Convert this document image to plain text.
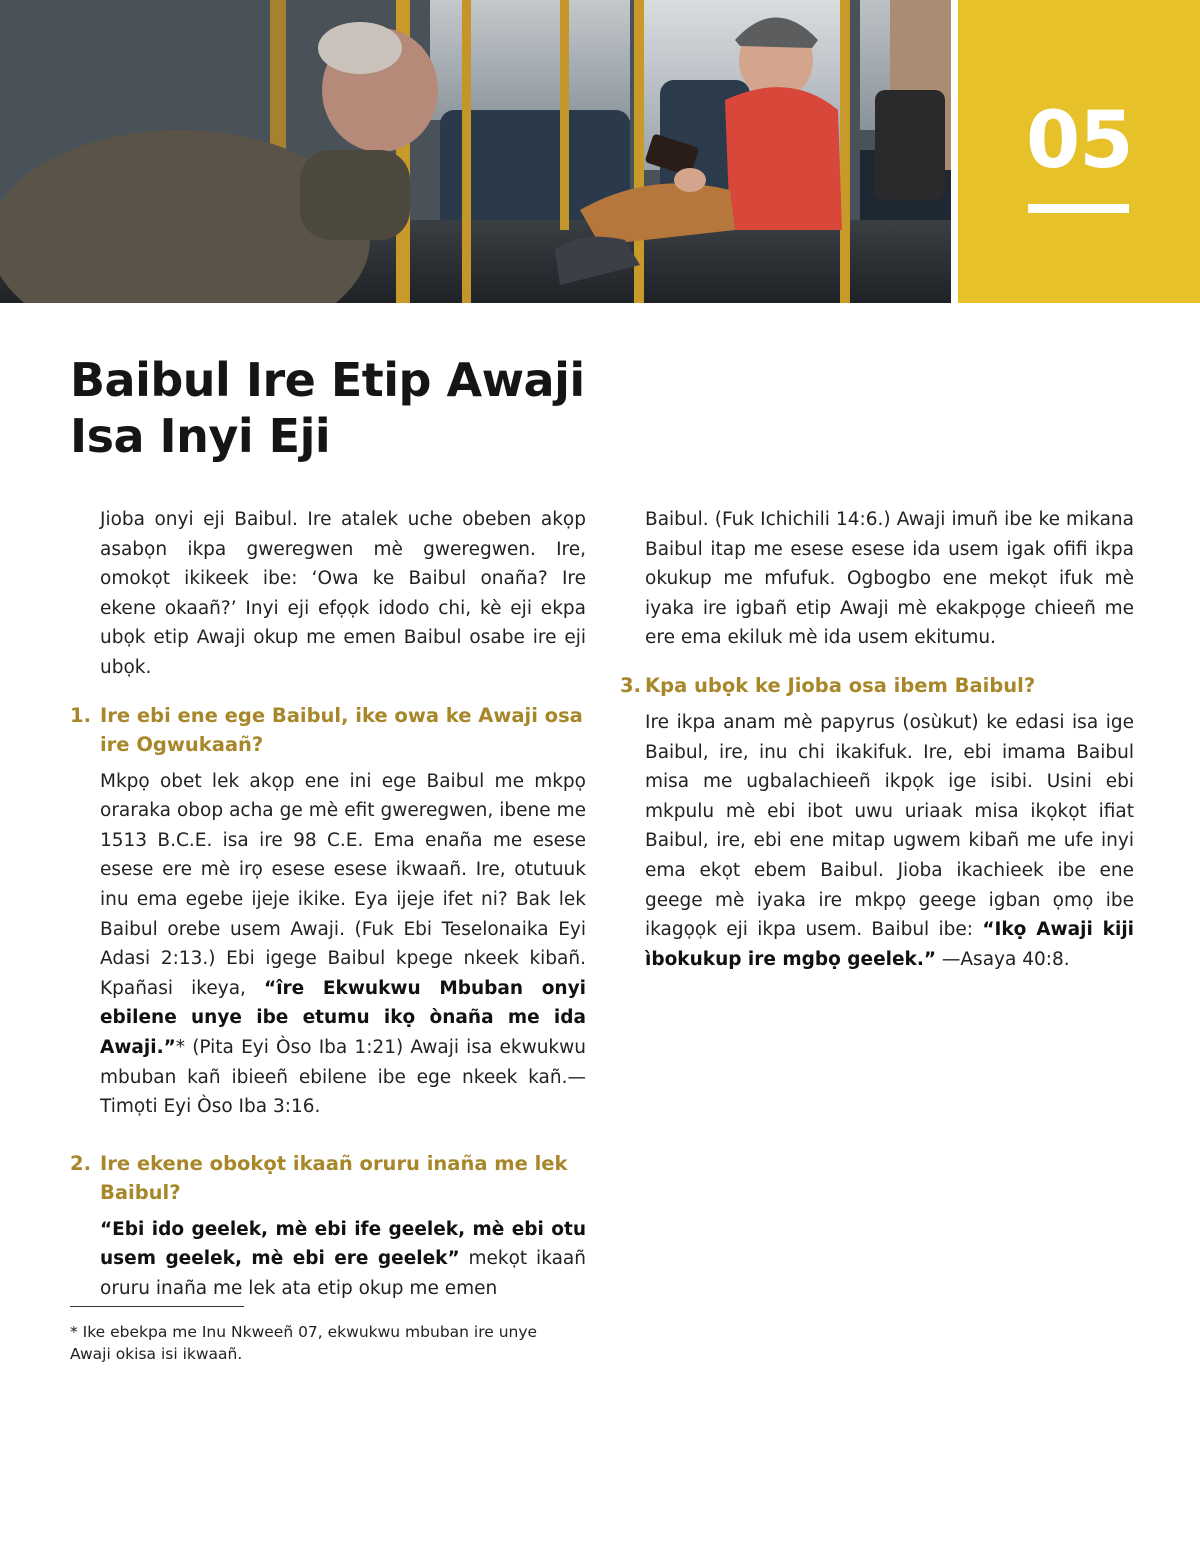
05
Baibul Ire Etip Awaji
Isa Inyi Eji

Jioba onyi eji Baibul. Ire atalek uche obeben akọp asabọn ikpa gweregwen mè gweregwen. Ire, omokọt ikikeek ibe: ‘Owa ke Baibul onaña? Ire ekene okaañ?’ Inyi eji efọọk idodo chi, kè eji ekpa ubọk etip Awaji okup me emen Baibul osabe ire eji ubọk.

1. Ire ebi ene ege Baibul, ike owa ke Awaji osa ire Ogwukaañ?

Mkpọ obet lek akọp ene ini ege Baibul me mkpọ oraraka obop acha ge mè efit gweregwen, ibene me 1513 B.C.E. isa ire 98 C.E. Ema enaña me esese esese ere mè irọ esese esese ikwaañ. Ire, otutuuk inu ema egebe ijeje ikike. Eya ijeje ifet ni? Bak lek Baibul orebe usem Awaji. (Fuk Ebi Teselonaika Eyi Adasi 2:13.) Ebi igege Baibul kpege nkeek kibañ. Kpañasi ikeya, “îre Ekwukwu Mbuban onyi ebilene unye ibe etumu ikọ ònaña me ida Awaji.”* (Pita Eyi Òso Iba 1:21) Awaji isa ekwukwu mbuban kañ ibieeñ ebilene ibe ege nkeek kañ.—Timọti Eyi Òso Iba 3:16.

2. Ire ekene obokọt ikaañ oruru inaña me lek Baibul?

“Ebi ido geelek, mè ebi ife geelek, mè ebi otu usem geelek, mè ebi ere geelek” mekọt ikaañ oruru inaña me lek ata etip okup me emen

Baibul. (Fuk Ichichili 14:6.) Awaji imuñ ibe ke mikana Baibul itap me esese esese ida usem igak ofifi ikpa okukup me mfufuk. Ogbogbo ene mekọt ifuk mè iyaka ire igbañ etip Awaji mè ekakpọge chieeñ me ere ema ekiluk mè ida usem ekitumu.

3. Kpa ubọk ke Jioba osa ibem Baibul?

Ire ikpa anam mè papyrus (osùkut) ke edasi isa ige Baibul, ire, inu chi ikakifuk. Ire, ebi imama Baibul misa me ugbalachieeñ ikpọk ige isibi. Usini ebi mkpulu mè ebi ibot uwu uriaak misa ikọkọt ifiat Baibul, ire, ebi ene mitap ugwem kibañ me ufe inyi ema ekọt ebem Baibul. Jioba ikachieek ibe ene geege mè iyaka ire mkpọ geege igban ọmọ ibe ikagọọk eji ikpa usem. Baibul ibe: “Ikọ Awaji kiji ìbokukup ire mgbọ geelek.” —Asaya 40:8.

* Ike ebekpa me Inu Nkweeñ 07, ekwukwu mbuban ire unye Awaji okisa isi ikwaañ.
